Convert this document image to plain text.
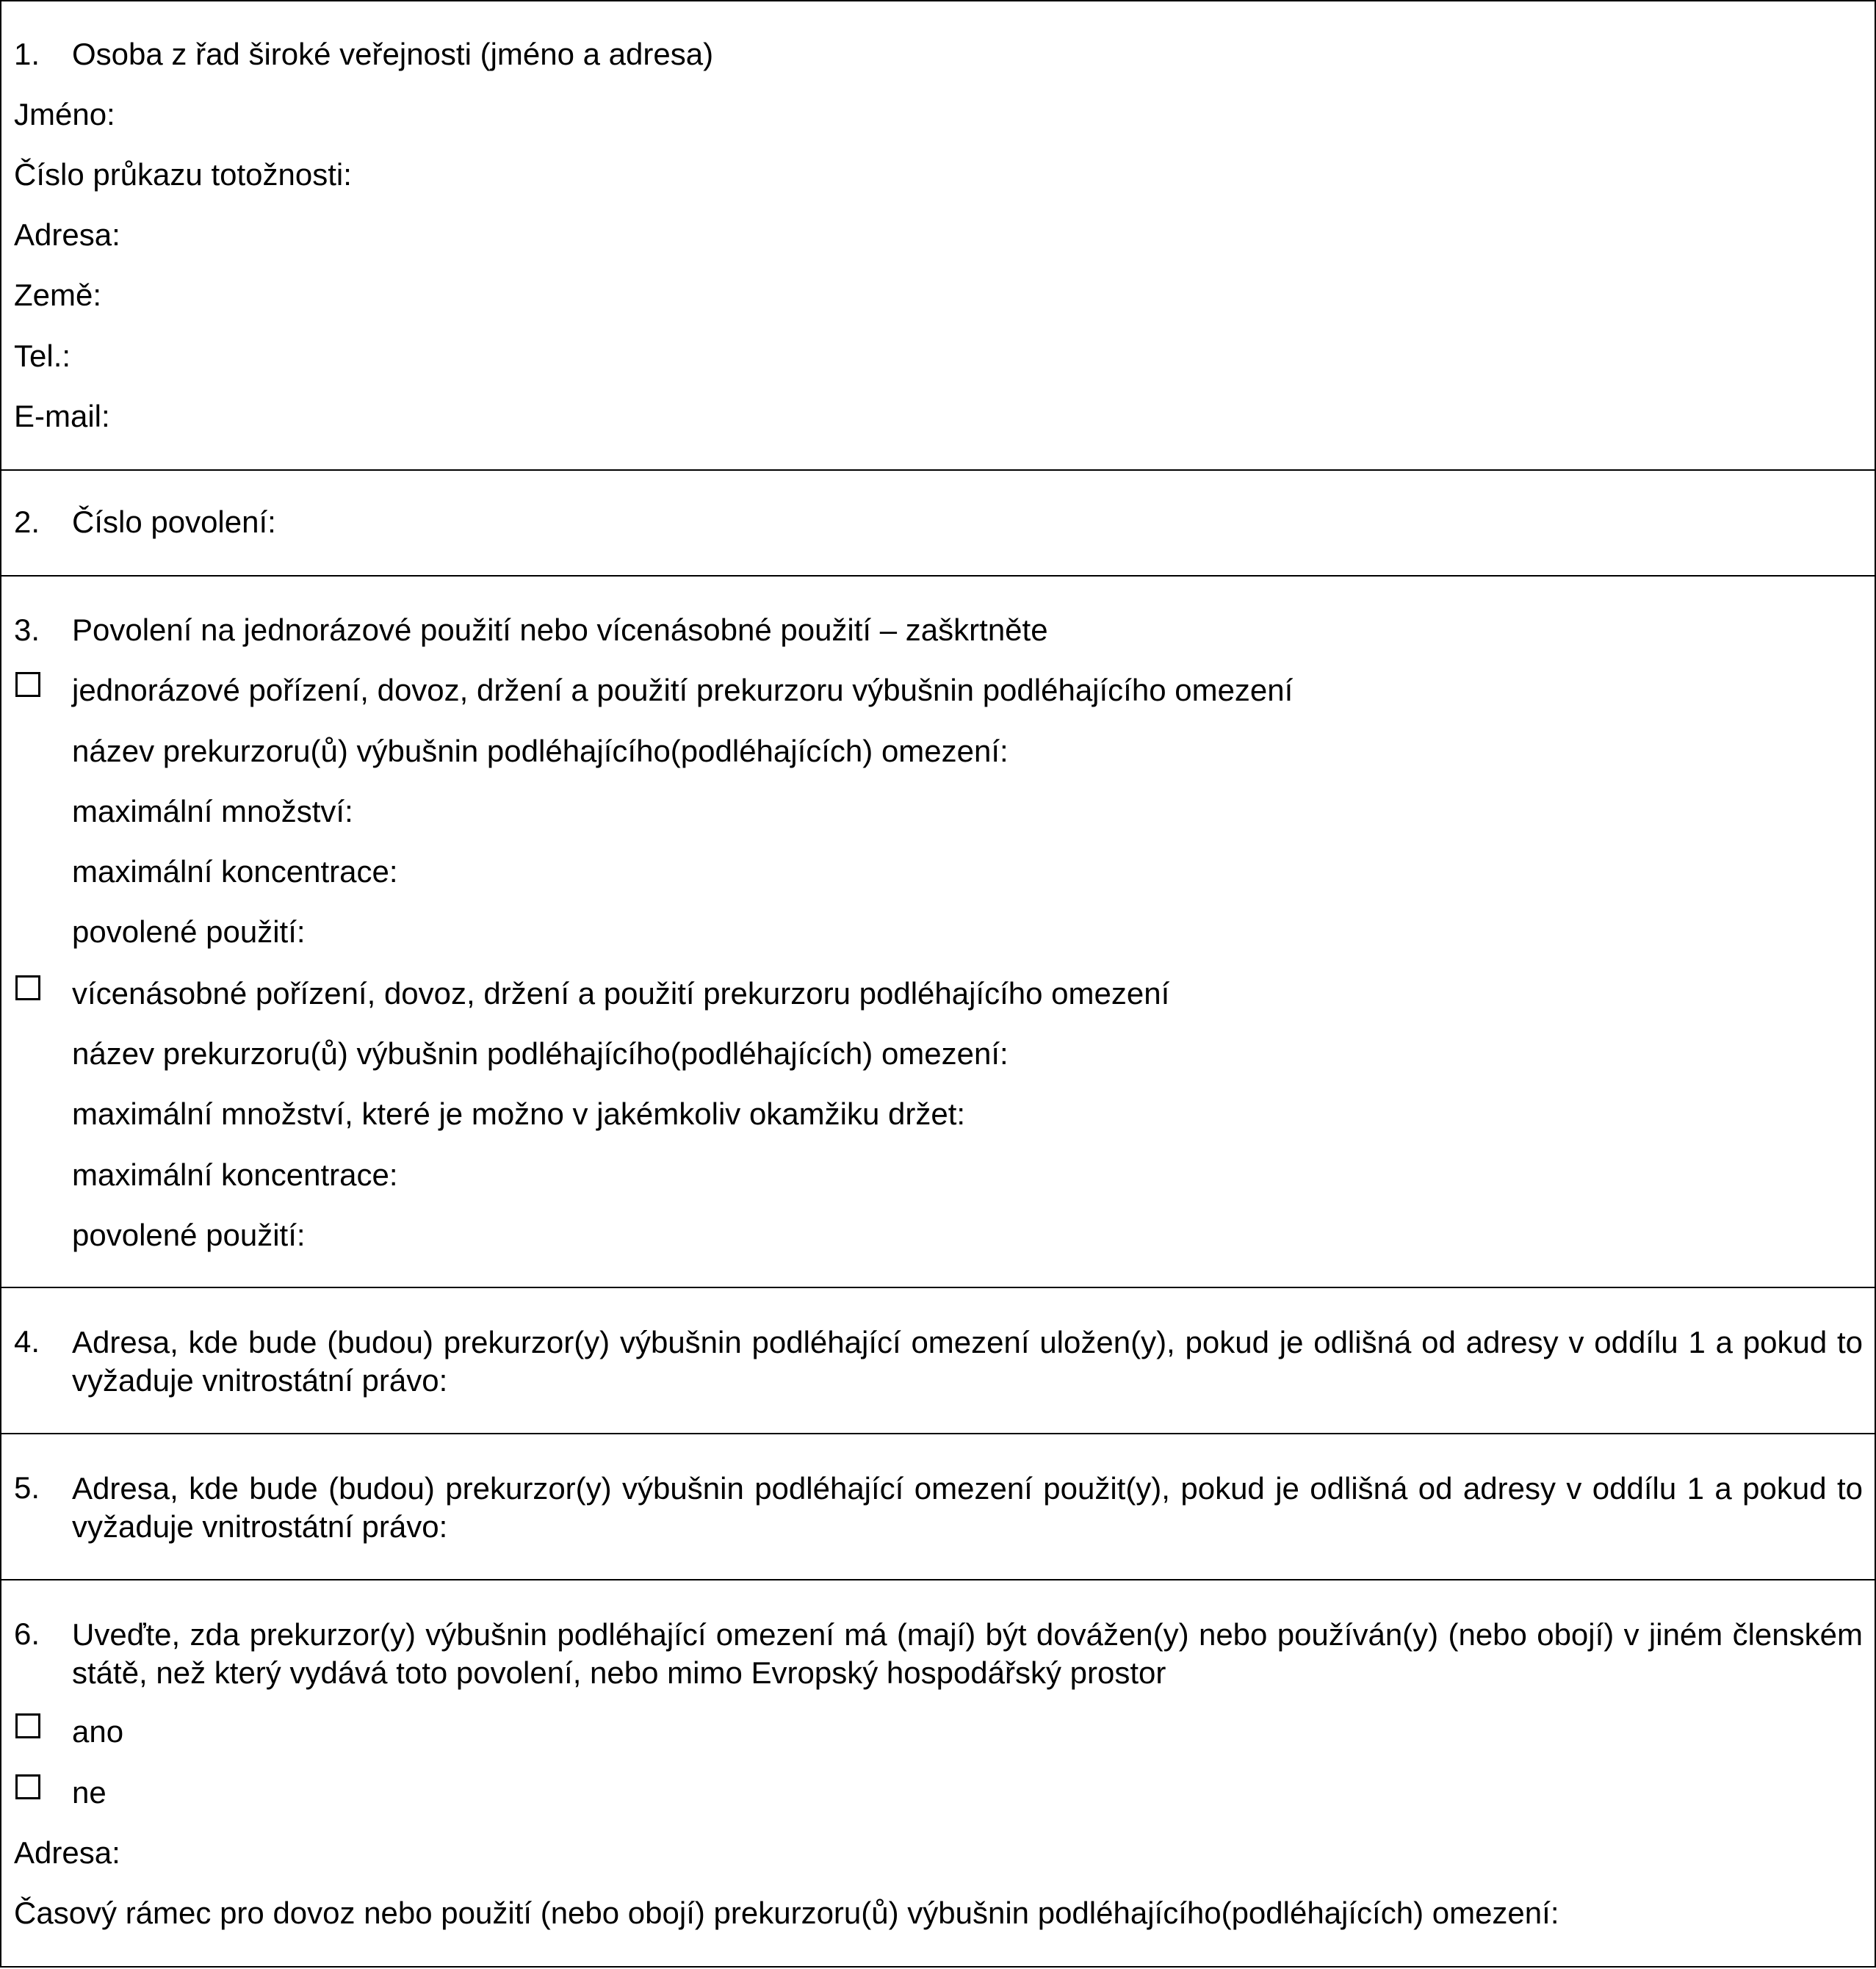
1. Osoba z řad široké veřejnosti (jméno a adresa)
Jméno:
Číslo průkazu totožnosti:
Adresa:
Země:
Tel.:
E-mail:
2. Číslo povolení:
3. Povolení na jednorázové použití nebo vícenásobné použití – zaškrtněte
jednorázové pořízení, dovoz, držení a použití prekurzoru výbušnin podléhajícího omezení
název prekurzoru(ů) výbušnin podléhajícího(podléhajících) omezení:
maximální množství:
maximální koncentrace:
povolené použití:
vícenásobné pořízení, dovoz, držení a použití prekurzoru podléhajícího omezení
název prekurzoru(ů) výbušnin podléhajícího(podléhajících) omezení:
maximální množství, které je možno v jakémkoliv okamžiku držet:
maximální koncentrace:
povolené použití:
4. Adresa, kde bude (budou) prekurzor(y) výbušnin podléhající omezení uložen(y), pokud je odlišná od adresy v oddílu 1 a pokud to vyžaduje vnitrostátní právo:
5. Adresa, kde bude (budou) prekurzor(y) výbušnin podléhající omezení použit(y), pokud je odlišná od adresy v oddílu 1 a pokud to vyžaduje vnitrostátní právo:
6. Uveďte, zda prekurzor(y) výbušnin podléhající omezení má (mají) být dovážen(y) nebo používán(y) (nebo obojí) v jiném členském státě, než který vydává toto povolení, nebo mimo Evropský hospodářský prostor
ano
ne
Adresa:
Časový rámec pro dovoz nebo použití (nebo obojí) prekurzoru(ů) výbušnin podléhajícího(podléhajících) omezení:
